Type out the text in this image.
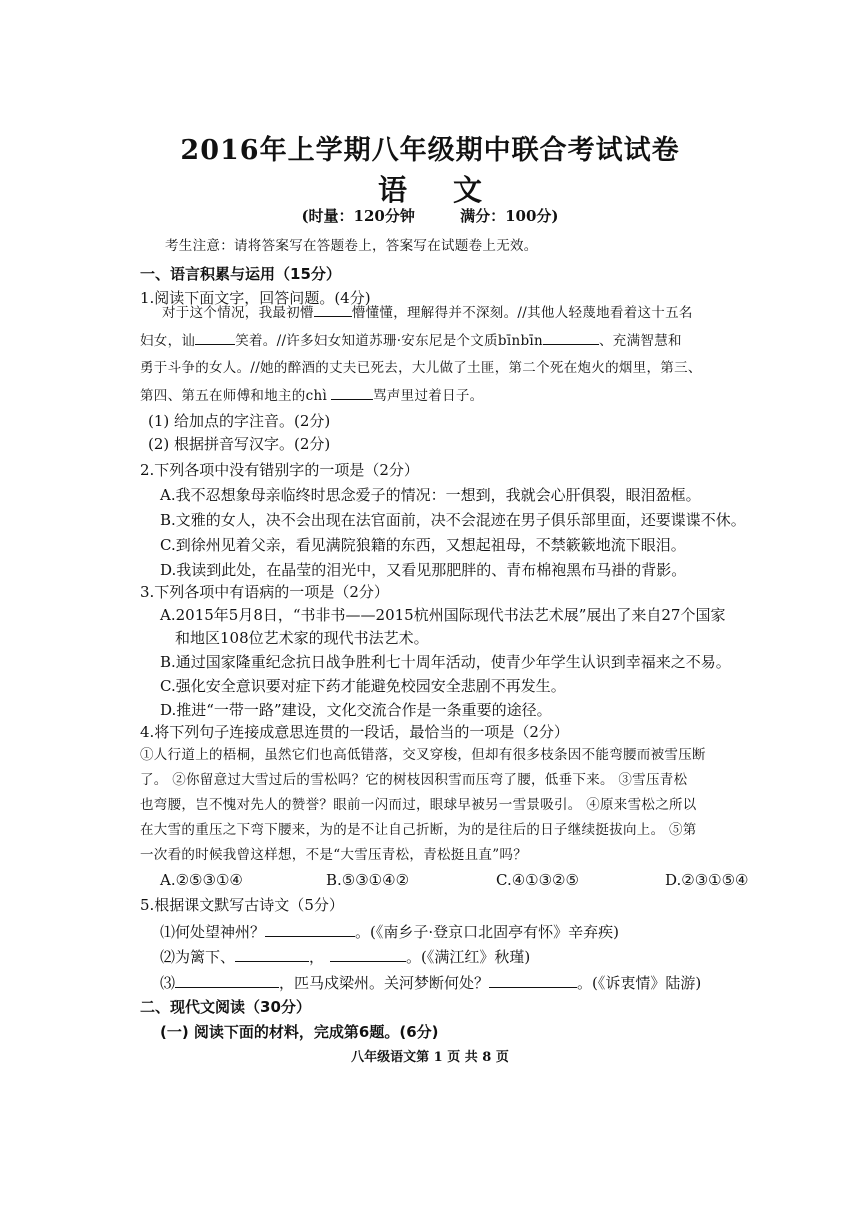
2016年上学期八年级期中联合考试试卷
语文
(时量：120分钟	满分：100分)
考生注意：请将答案写在答题卷上，答案写在试题卷上无效。
一、语言积累与运用（15分）
1.阅读下面文字，回答问题。(4分)
对于这个情况，我最初懵	懵懂懂，理解得并不深刻。//其他人轻蔑地看着这十五名
妇女，讪	笑着。//许多妇女知道苏珊·安东尼是个文质bīnbīn	、充满智慧和
勇于斗争的女人。//她的醉酒的丈夫已死去，大儿做了土匪，第二个死在炮火的烟里，第三、
第四、第五在师傅和地主的chì	骂声里过着日子。
(1) 给加点的字注音。(2分)
(2) 根据拼音写汉字。(2分)
2.下列各项中没有错别字的一项是（2分）
A.我不忍想象母亲临终时思念爱子的情况：一想到，我就会心肝俱裂，眼泪盈框。
B.文雅的女人，决不会出现在法官面前，决不会混迹在男子俱乐部里面，还要谍谍不休。
C.到徐州见着父亲，看见满院狼籍的东西，又想起祖母，不禁簌簌地流下眼泪。
D.我读到此处，在晶莹的泪光中，又看见那肥胖的、青布棉袍黑布马褂的背影。
3.下列各项中有语病的一项是（2分）
A.2015年5月8日，“书非书——2015杭州国际现代书法艺术展”展出了来自27个国家
和地区108位艺术家的现代书法艺术。
B.通过国家隆重纪念抗日战争胜利七十周年活动，使青少年学生认识到幸福来之不易。
C.强化安全意识要对症下药才能避免校园安全悲剧不再发生。
D.推进“一带一路”建设，文化交流合作是一条重要的途径。
4.将下列句子连接成意思连贯的一段话，最恰当的一项是（2分）
①人行道上的梧桐，虽然它们也高低错落，交叉穿梭，但却有很多枝条因不能弯腰而被雪压断
了。 ②你留意过大雪过后的雪松吗？它的树枝因积雪而压弯了腰，低垂下来。 ③雪压青松
也弯腰，岂不愧对先人的赞誉？眼前一闪而过，眼球早被另一雪景吸引。 ④原来雪松之所以
在大雪的重压之下弯下腰来，为的是不让自己折断，为的是往后的日子继续挺拔向上。 ⑤第
一次看的时候我曾这样想，不是“大雪压青松，青松挺且直”吗？
A.②⑤③①④	B.⑤③①④②	C.④①③②⑤	D.②③①⑤④
5.根据课文默写古诗文（5分）
⑴何处望神州？	。(《南乡子·登京口北固亭有怀》辛弃疾)
⑵为篱下、	，	。(《满江红》秋瑾)
⑶	，匹马戍梁州。关河梦断何处？	。(《诉衷情》陆游)
二、现代文阅读（30分）
(一) 阅读下面的材料，完成第6题。(6分)
八年级语文第 1 页 共 8 页
